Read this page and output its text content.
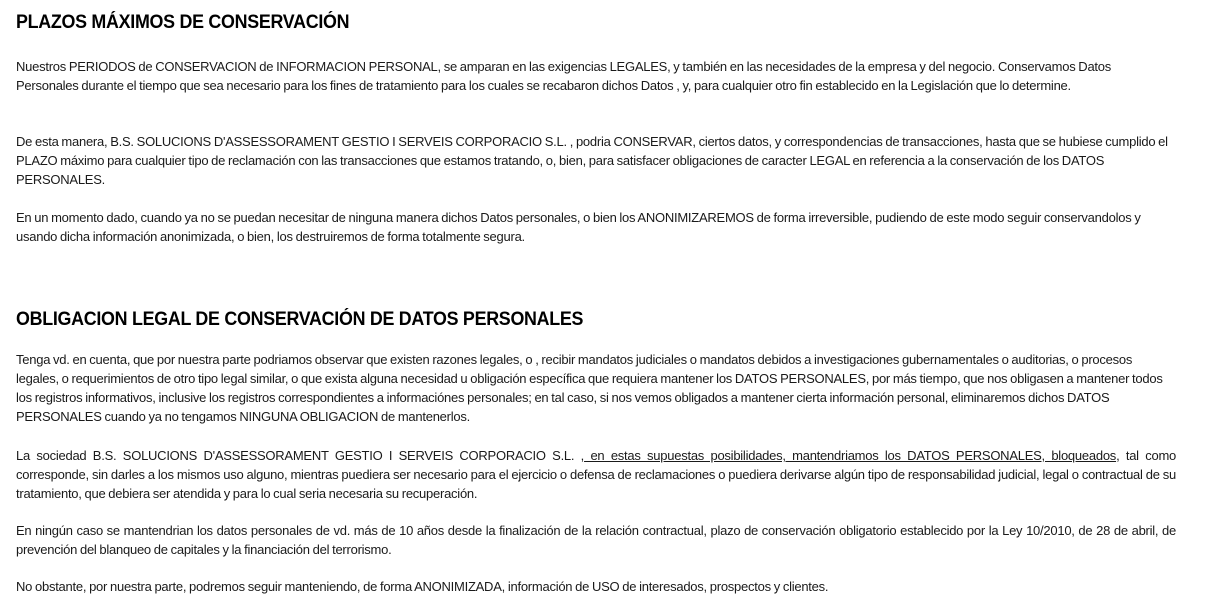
PLAZOS MÁXIMOS DE CONSERVACIÓN

Nuestros PERIODOS de CONSERVACION de INFORMACION PERSONAL, se amparan en las exigencias LEGALES, y también en las necesidades de la empresa y del negocio. Conservamos Datos Personales durante el tiempo que sea necesario para los fines de tratamiento para los cuales se recabaron dichos Datos , y, para cualquier otro fin establecido en la Legislación que lo determine.

De esta manera, B.S. SOLUCIONS D'ASSESSORAMENT GESTIO I SERVEIS CORPORACIO S.L. , podria CONSERVAR, ciertos datos, y correspondencias de transacciones, hasta que se hubiese cumplido el PLAZO máximo para cualquier tipo de reclamación con las transacciones que estamos tratando, o, bien, para satisfacer obligaciones de caracter LEGAL en referencia a la conservación de los DATOS PERSONALES.

En un momento dado, cuando ya no se puedan necesitar de ninguna manera dichos Datos personales, o bien los ANONIMIZAREMOS de forma irreversible, pudiendo de este modo seguir conservandolos y usando dicha información anonimizada, o bien, los destruiremos de forma totalmente segura.

OBLIGACION LEGAL DE CONSERVACIÓN DE DATOS PERSONALES

Tenga vd. en cuenta, que por nuestra parte podriamos observar que existen razones legales, o , recibir mandatos judiciales o mandatos debidos a investigaciones gubernamentales o auditorias, o procesos legales, o requerimientos de otro tipo legal similar, o que exista alguna necesidad u obligación específica que requiera mantener los DATOS PERSONALES, por más tiempo, que nos obligasen a mantener todos los registros informativos, inclusive los registros correspondientes a informaciónes personales; en tal caso, si nos vemos obligados a mantener cierta información personal, eliminaremos dichos DATOS PERSONALES cuando ya no tengamos NINGUNA OBLIGACION de mantenerlos.

La sociedad B.S. SOLUCIONS D'ASSESSORAMENT GESTIO I SERVEIS CORPORACIO S.L. , en estas supuestas posibilidades, mantendriamos los DATOS PERSONALES, bloqueados, tal como corresponde, sin darles a los mismos uso alguno, mientras puediera ser necesario para el ejercicio o defensa de reclamaciones o puediera derivarse algún tipo de responsabilidad judicial, legal o contractual de su tratamiento, que debiera ser atendida y para lo cual seria necesaria su recuperación.

En ningún caso se mantendrian los datos personales de vd. más de 10 años desde la finalización de la relación contractual, plazo de conservación obligatorio establecido por la Ley 10/2010, de 28 de abril, de prevención del blanqueo de capitales y la financiación del terrorismo.

No obstante, por nuestra parte, podremos seguir manteniendo, de forma ANONIMIZADA, información de USO de interesados, prospectos y clientes.
